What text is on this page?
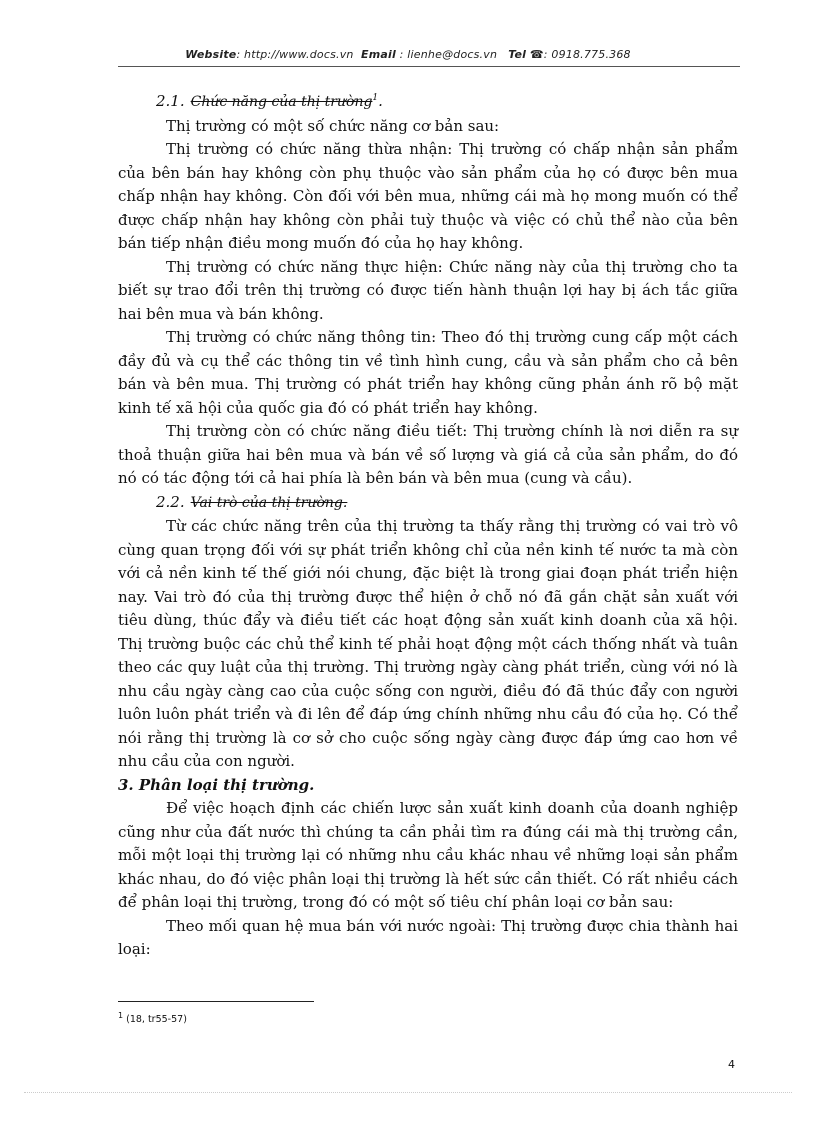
Website: http://www.docs.vn Email : lienhe@docs.vn Tel ☎: 0918.775.368

2.1. Chức năng của thị trường$^1$.

Thị trường có một số chức năng cơ bản sau:

Thị trường có chức năng thừa nhận: Thị trường có chấp nhận sản phẩm của bên bán hay không còn phụ thuộc vào sản phẩm của họ có được bên mua chấp nhận hay không. Còn đối với bên mua, những cái mà họ mong muốn có thể được chấp nhận hay không còn phải tuỳ thuộc và việc có chủ thể nào của bên bán tiếp nhận điều mong muốn đó của họ hay không.

Thị trường có chức năng thực hiện: Chức năng này của thị trường cho ta biết sự trao đổi trên thị trường có được tiến hành thuận lợi hay bị ách tắc giữa hai bên mua và bán không.

Thị trường có chức năng thông tin: Theo đó thị trường cung cấp một cách đầy đủ và cụ thể các thông tin về tình hình cung, cầu và sản phẩm cho cả bên bán và bên mua. Thị trường có phát triển hay không cũng phản ánh rõ bộ mặt kinh tế xã hội của quốc gia đó có phát triển hay không.

Thị trường còn có chức năng điều tiết: Thị trường chính là nơi diễn ra sự thoả thuận giữa hai bên mua và bán về số lượng và giá cả của sản phẩm, do đó nó có tác động tới cả hai phía là bên bán và bên mua (cung và cầu).

2.2. Vai trò của thị trường.

Từ các chức năng trên của thị trường ta thấy rằng thị trường có vai trò vô cùng quan trọng đối với sự phát triển không chỉ của nền kinh tế nước ta mà còn với cả nền kinh tế thế giới nói chung, đặc biệt là trong giai đoạn phát triển hiện nay. Vai trò đó của thị trường được thể hiện ở chỗ nó đã gắn chặt sản xuất với tiêu dùng, thúc đẩy và điều tiết các hoạt động sản xuất kinh doanh của xã hội. Thị trường buộc các chủ thể kinh tế phải hoạt động một cách thống nhất và tuân theo các quy luật của thị trường. Thị trường ngày càng phát triển, cùng với nó là nhu cầu ngày càng cao của cuộc sống con người, điều đó đã thúc đẩy con người luôn luôn phát triển và đi lên để đáp ứng chính những nhu cầu đó của họ. Có thể nói rằng thị trường là cơ sở cho cuộc sống ngày càng được đáp ứng cao hơn về nhu cầu của con người.

3. Phân loại thị trường.

Để việc hoạch định các chiến lược sản xuất kinh doanh của doanh nghiệp cũng như của đất nước thì chúng ta cần phải tìm ra đúng cái mà thị trường cần, mỗi một loại thị trường lại có những nhu cầu khác nhau về những loại sản phẩm khác nhau, do đó việc phân loại thị trường là hết sức cần thiết. Có rất nhiều cách để phân loại thị trường, trong đó có một số tiêu chí phân loại cơ bản sau:

Theo mối quan hệ mua bán với nước ngoài: Thị trường được chia thành hai loại:

$^1$ (18, tr55-57)
4
